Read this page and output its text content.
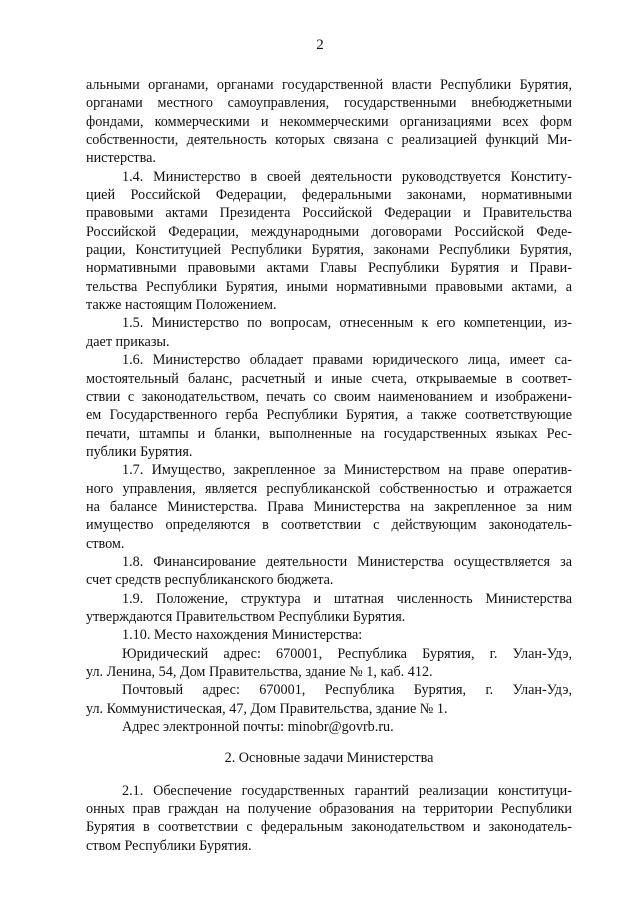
2
альными органами, органами государственной власти Республики Бурятия,
органами местного самоуправления, государственными внебюджетными
фондами, коммерческими и некоммерческими организациями всех форм
собственности, деятельность которых связана с реализацией функций Ми-
нистерства.
1.4. Министерство в своей деятельности руководствуется Конститу-
цией Российской Федерации, федеральными законами, нормативными
правовыми актами Президента Российской Федерации и Правительства
Российской Федерации, международными договорами Российской Феде-
рации, Конституцией Республики Бурятия, законами Республики Бурятия,
нормативными правовыми актами Главы Республики Бурятия и Прави-
тельства Республики Бурятия, иными нормативными правовыми актами, а
также настоящим Положением.
1.5. Министерство по вопросам, отнесенным к его компетенции, из-
дает приказы.
1.6. Министерство обладает правами юридического лица, имеет са-
мостоятельный баланс, расчетный и иные счета, открываемые в соответ-
ствии с законодательством, печать со своим наименованием и изображени-
ем Государственного герба Республики Бурятия, а также соответствующие
печати, штампы и бланки, выполненные на государственных языках Рес-
публики Бурятия.
1.7. Имущество, закрепленное за Министерством на праве оператив-
ного управления, является республиканской собственностью и отражается
на балансе Министерства. Права Министерства на закрепленное за ним
имущество определяются в соответствии с действующим законодатель-
ством.
1.8. Финансирование деятельности Министерства осуществляется за
счет средств республиканского бюджета.
1.9. Положение, структура и штатная численность Министерства
утверждаются Правительством Республики Бурятия.
1.10. Место нахождения Министерства:
Юридический адрес: 670001, Республика Бурятия, г. Улан-Удэ,
ул. Ленина, 54, Дом Правительства, здание № 1, каб. 412.
Почтовый адрес: 670001, Республика Бурятия, г. Улан-Удэ,
ул. Коммунистическая, 47, Дом Правительства, здание № 1.
Адрес электронной почты: minobr@govrb.ru.
2. Основные задачи Министерства
2.1. Обеспечение государственных гарантий реализации конституци-
онных прав граждан на получение образования на территории Республики
Бурятия в соответствии с федеральным законодательством и законодатель-
ством Республики Бурятия.
